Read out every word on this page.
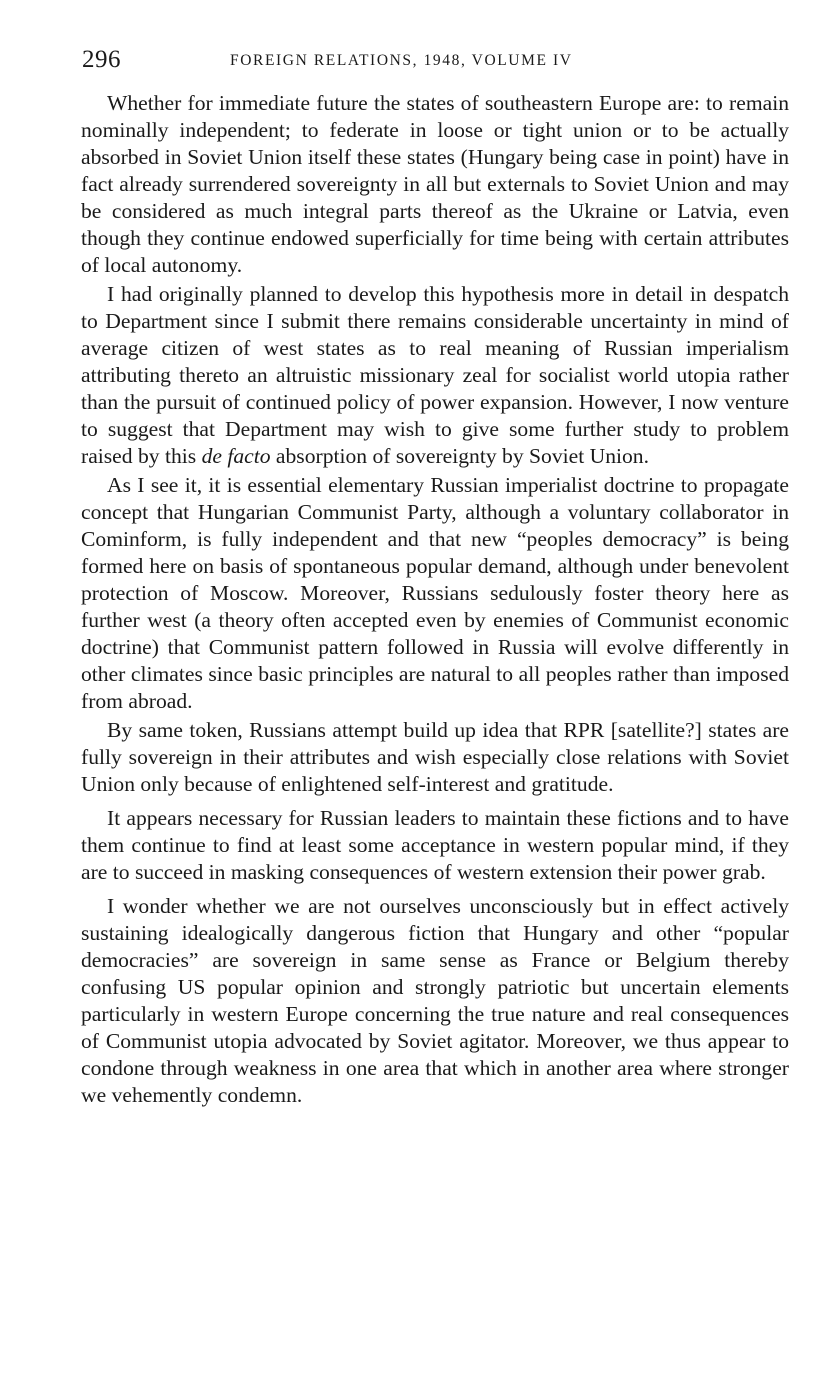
296	FOREIGN RELATIONS, 1948, VOLUME IV

Whether for immediate future the states of southeastern Europe are: to remain nominally independent; to federate in loose or tight union or to be actually absorbed in Soviet Union itself these states (Hungary being case in point) have in fact already surrendered sovereignty in all but externals to Soviet Union and may be considered as much integral parts thereof as the Ukraine or Latvia, even though they continue endowed superficially for time being with certain attributes of local autonomy.

I had originally planned to develop this hypothesis more in detail in despatch to Department since I submit there remains considerable uncertainty in mind of average citizen of west states as to real meaning of Russian imperialism attributing thereto an altruistic missionary zeal for socialist world utopia rather than the pursuit of continued policy of power expansion. However, I now venture to suggest that Department may wish to give some further study to problem raised by this de facto absorption of sovereignty by Soviet Union.

As I see it, it is essential elementary Russian imperialist doctrine to propagate concept that Hungarian Communist Party, although a voluntary collaborator in Cominform, is fully independent and that new “peoples democracy” is being formed here on basis of spontaneous popular demand, although under benevolent protection of Moscow. Moreover, Russians sedulously foster theory here as further west (a theory often accepted even by enemies of Communist economic doctrine) that Communist pattern followed in Russia will evolve differently in other climates since basic principles are natural to all peoples rather than imposed from abroad.

By same token, Russians attempt build up idea that RPR [satellite?] states are fully sovereign in their attributes and wish especially close relations with Soviet Union only because of enlightened self-interest and gratitude.

It appears necessary for Russian leaders to maintain these fictions and to have them continue to find at least some acceptance in western popular mind, if they are to succeed in masking consequences of western extension their power grab.

I wonder whether we are not ourselves unconsciously but in effect actively sustaining idealogically dangerous fiction that Hungary and other “popular democracies” are sovereign in same sense as France or Belgium thereby confusing US popular opinion and strongly patriotic but uncertain elements particularly in western Europe concerning the true nature and real consequences of Communist utopia advocated by Soviet agitator. Moreover, we thus appear to condone through weakness in one area that which in another area where stronger we vehemently condemn.
